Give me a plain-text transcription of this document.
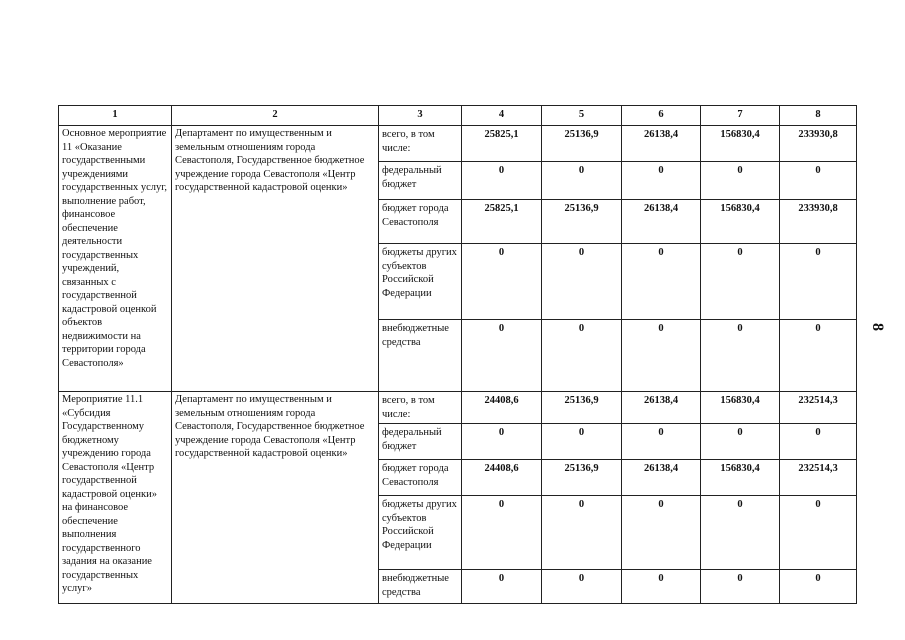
1	2	3	4	5	6	7	8
Основное мероприятие 11 «Оказание государственными учреждениями государственных услуг, выполнение работ, финансовое обеспечение деятельности государственных учреждений, связанных с государственной кадастровой оценкой объектов недвижимости на территории города Севастополя»	Департамент по имущественным и земельным отношениям города Севастополя, Государственное бюджетное учреждение города Севастополя «Центр государственной кадастровой оценки»	всего, в том числе:	25825,1	25136,9	26138,4	156830,4	233930,8
		федеральный бюджет	0	0	0	0	0
		бюджет города Севастополя	25825,1	25136,9	26138,4	156830,4	233930,8
		бюджеты других субъектов Российской Федерации	0	0	0	0	0
		внебюджетные средства	0	0	0	0	0
Мероприятие 11.1 «Субсидия Государственному бюджетному учреждению города Севастополя «Центр государственной кадастровой оценки» на финансовое обеспечение выполнения государственного задания на оказание государственных услуг»	Департамент по имущественным и земельным отношениям города Севастополя, Государственное бюджетное учреждение города Севастополя «Центр государственной кадастровой оценки»	всего, в том числе:	24408,6	25136,9	26138,4	156830,4	232514,3
		федеральный бюджет	0	0	0	0	0
		бюджет города Севастополя	24408,6	25136,9	26138,4	156830,4	232514,3
		бюджеты других субъектов Российской Федерации	0	0	0	0	0
		внебюджетные средства	0	0	0	0	0
8
